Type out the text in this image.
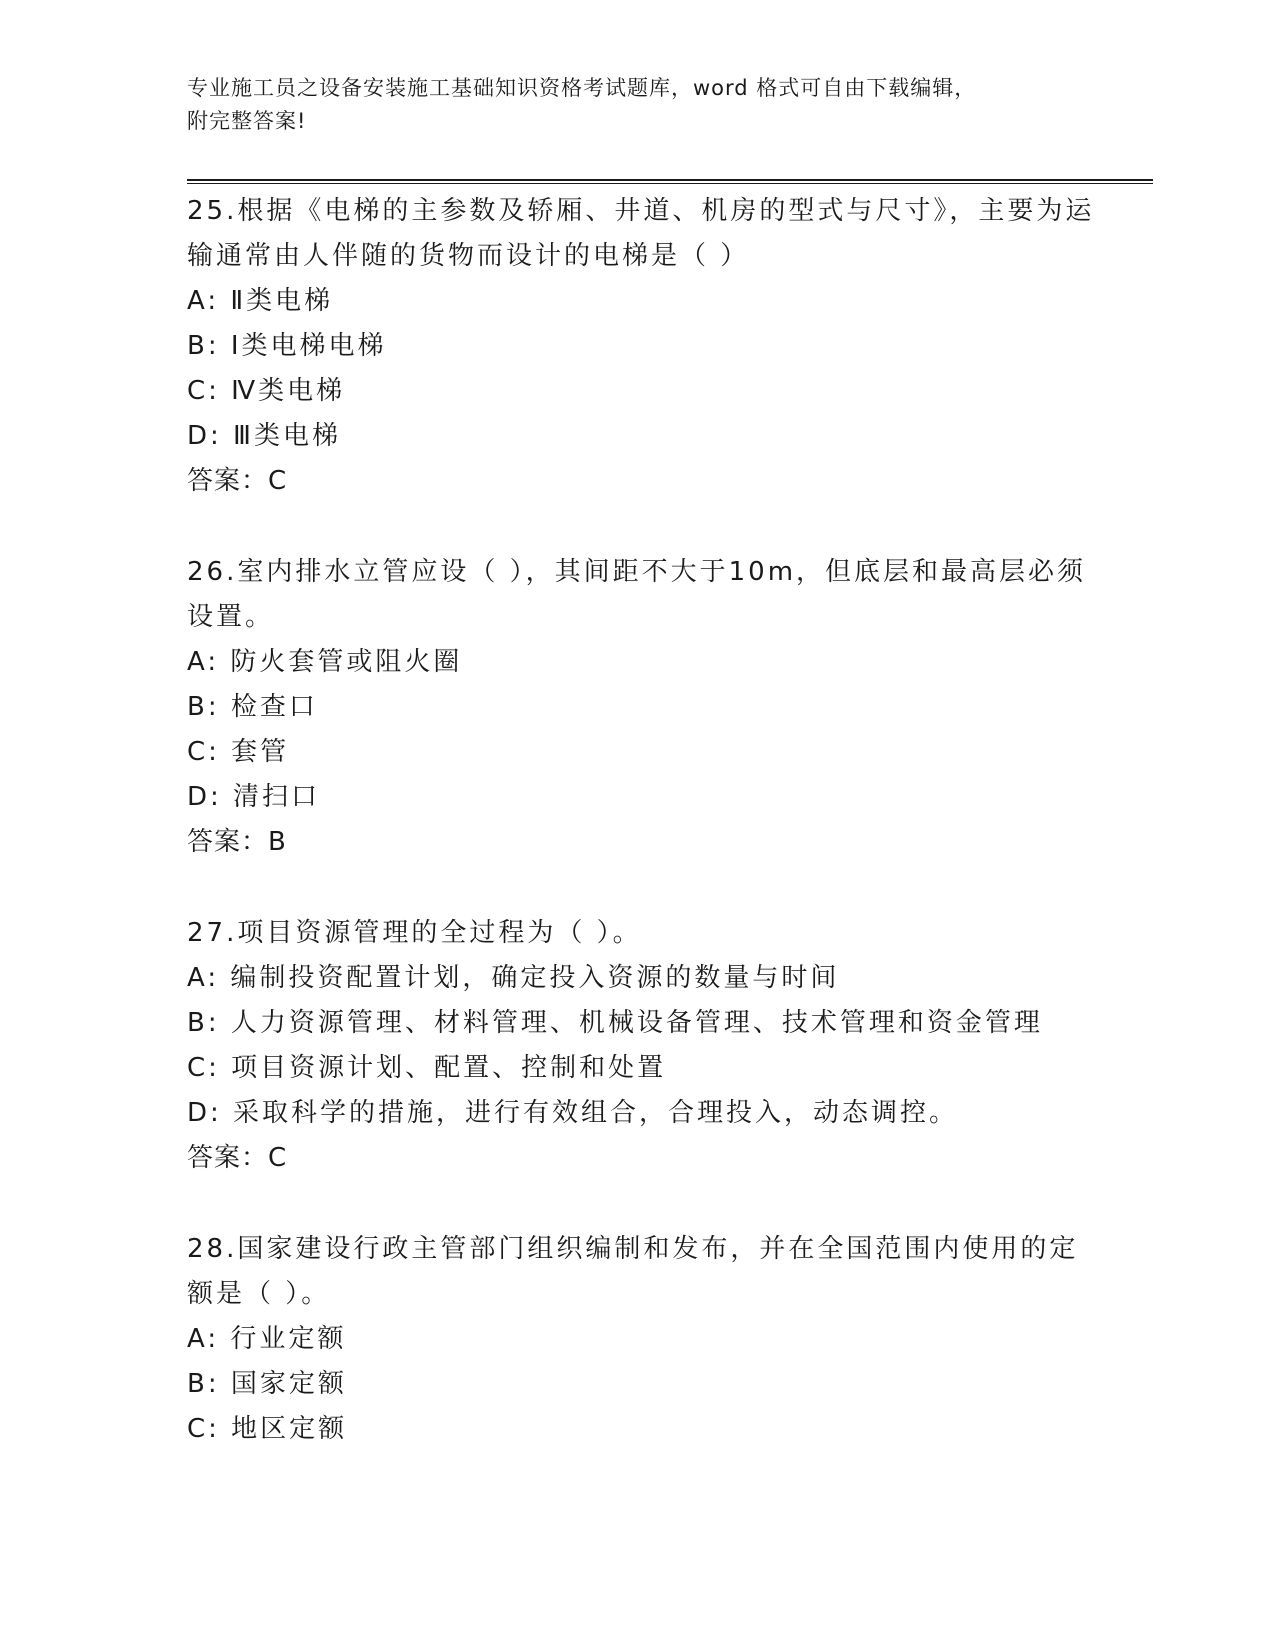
专业施工员之设备安装施工基础知识资格考试题库，word 格式可自由下载编辑，
附完整答案!

25.根据《电梯的主参数及轿厢、井道、机房的型式与尺寸》，主要为运输通常由人伴随的货物而设计的电梯是（ ）

A: Ⅱ类电梯
B: Ⅰ类电梯电梯
C: Ⅳ类电梯
D: Ⅲ类电梯
答案：C

26.室内排水立管应设（ ），其间距不大于10m，但底层和最高层必须设置。

A: 防火套管或阻火圈
B: 检查口
C: 套管
D: 清扫口
答案：B

27.项目资源管理的全过程为（ ）。

A: 编制投资配置计划，确定投入资源的数量与时间
B: 人力资源管理、材料管理、机械设备管理、技术管理和资金管理
C: 项目资源计划、配置、控制和处置
D: 采取科学的措施，进行有效组合，合理投入，动态调控。
答案：C

28.国家建设行政主管部门组织编制和发布，并在全国范围内使用的定额是（ ）。

A: 行业定额
B: 国家定额
C: 地区定额
